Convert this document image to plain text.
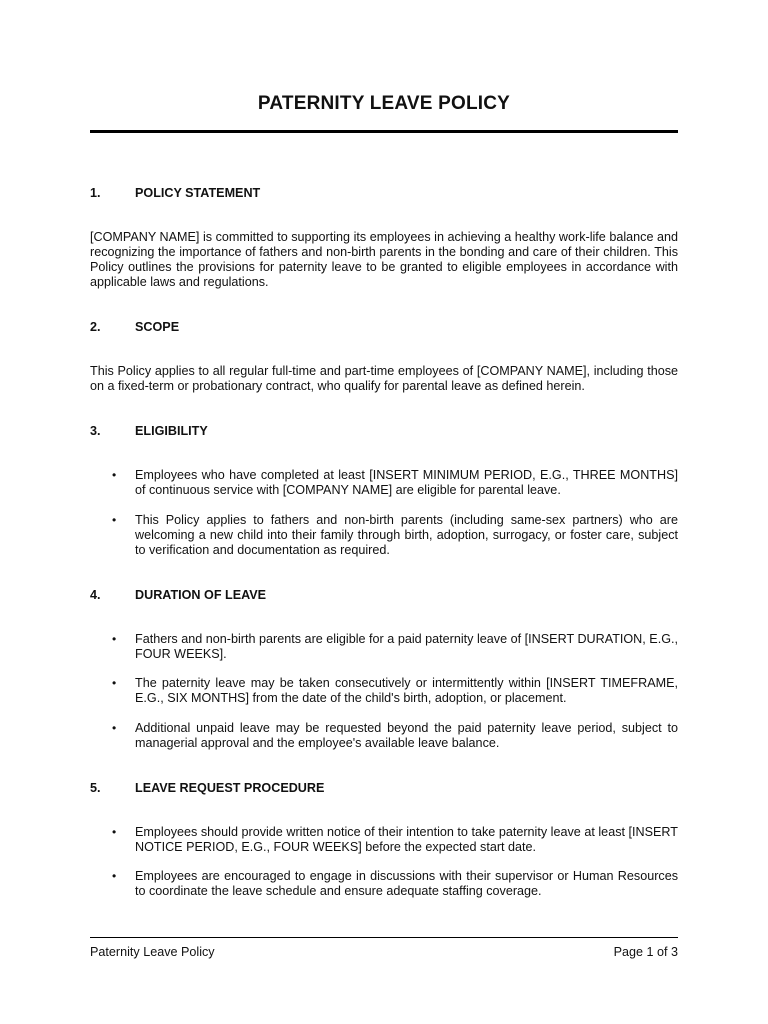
PATERNITY LEAVE POLICY
1.	POLICY STATEMENT

[COMPANY NAME] is committed to supporting its employees in achieving a healthy work-life balance and recognizing the importance of fathers and non-birth parents in the bonding and care of their children. This Policy outlines the provisions for paternity leave to be granted to eligible employees in accordance with applicable laws and regulations.

2.	SCOPE

This Policy applies to all regular full-time and part-time employees of [COMPANY NAME], including those on a fixed-term or probationary contract, who qualify for parental leave as defined herein.

3.	ELIGIBILITY
•	Employees who have completed at least [INSERT MINIMUM PERIOD, E.G., THREE MONTHS] of continuous service with [COMPANY NAME] are eligible for parental leave.
•	This Policy applies to fathers and non-birth parents (including same-sex partners) who are welcoming a new child into their family through birth, adoption, surrogacy, or foster care, subject to verification and documentation as required.
4.	DURATION OF LEAVE
•	Fathers and non-birth parents are eligible for a paid paternity leave of [INSERT DURATION, E.G., FOUR WEEKS].
•	The paternity leave may be taken consecutively or intermittently within [INSERT TIMEFRAME, E.G., SIX MONTHS] from the date of the child's birth, adoption, or placement.
•	Additional unpaid leave may be requested beyond the paid paternity leave period, subject to managerial approval and the employee's available leave balance.
5.	LEAVE REQUEST PROCEDURE
•	Employees should provide written notice of their intention to take paternity leave at least [INSERT NOTICE PERIOD, E.G., FOUR WEEKS] before the expected start date.
•	Employees are encouraged to engage in discussions with their supervisor or Human Resources to coordinate the leave schedule and ensure adequate staffing coverage.
Paternity Leave Policy	Page 1 of 3
